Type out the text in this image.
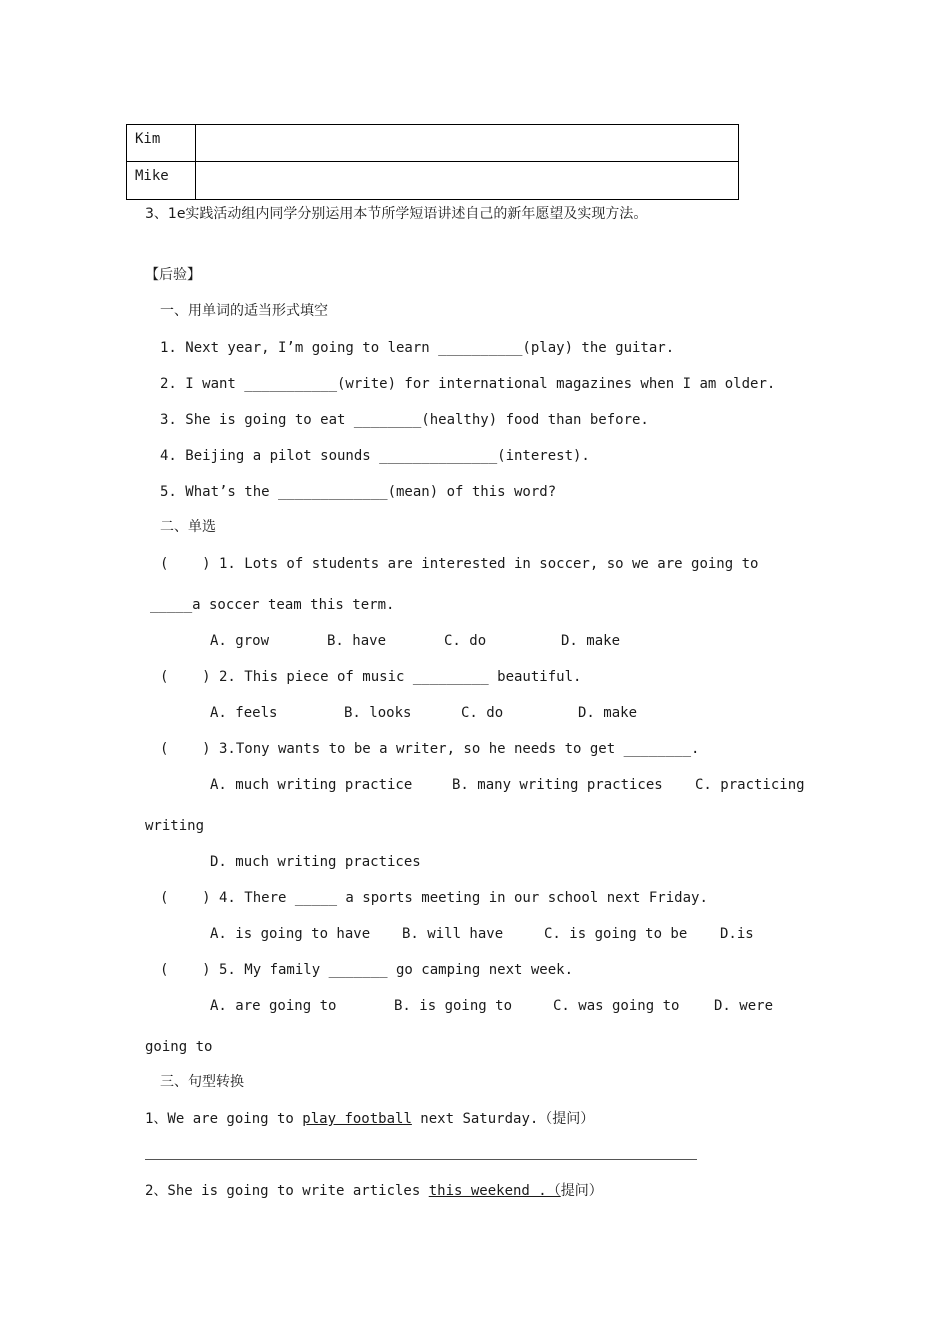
Kim	
Mike	
3、1e实践活动组内同学分别运用本节所学短语讲述自己的新年愿望及实现方法。
【后验】
一、用单词的适当形式填空
1. Next year, I’m going to learn __________(play) the guitar.
2. I want ___________(write) for international magazines when I am older.
3. She is going to eat ________(healthy) food than before.
4. Beijing a pilot sounds ______________(interest).
5. What’s the _____________(mean) of this word?
二、单选
(    ) 1. Lots of students are interested in soccer, so we are going to
_____a soccer team this term.
A. grow	B. have	C. do	D. make
(    ) 2. This piece of music _________ beautiful.
A. feels	B. looks	C. do	D. make
(    ) 3.Tony wants to be a writer, so he needs to get ________.
A. much writing practice	B. many writing practices C. practicing
writing
D. much writing practices
(    ) 4. There _____ a sports meeting in our school next Friday.
A. is going to have B. will have	C. is going to be D.is
(    ) 5. My family _______ go camping next week.
A. are going to	B. is going to	C. was going to D. were
going to
三、句型转换
1、We are going to play football next Saturday.（提问）
2、She is going to write articles this weekend .（提问）
